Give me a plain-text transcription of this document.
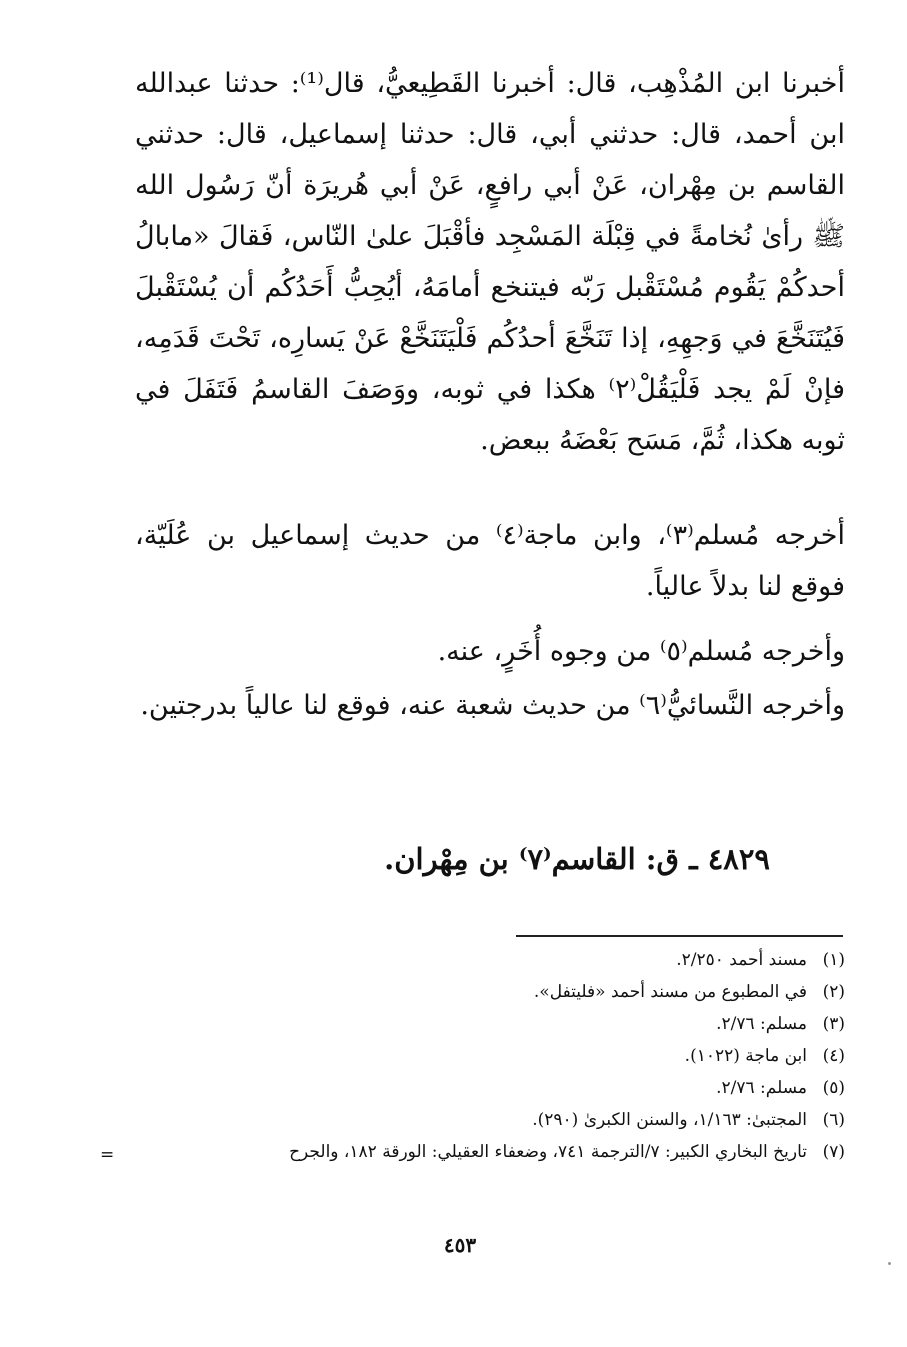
أخبرنا ابن المُذْهِب، قال: أخبرنا القَطِيعيُّ، قال⁽¹⁾: حدثنا عبدالله ابن أحمد، قال: حدثني أبي، قال: حدثنا إسماعيل، قال: حدثني القاسم بن مِهْران، عَنْ أبي رافعٍ، عَنْ أبي هُريرَة أنّ رَسُول الله ﷺ رأىٰ نُخامةً في قِبْلَة المَسْجِد فأقْبَلَ علىٰ النّاس، فَقالَ «مابالُ أحدكُمْ يَقُوم مُسْتَقْبل رَبّه فيتنخع أمامَهُ، أيُحِبُّ أَحَدُكُم أن يُسْتَقْبلَ فَيُتَنَخَّعَ في وَجهِهِ، إذا تَنَخَّعَ أحدُكُم فَلْيَتَنَخَّعْ عَنْ يَسارِه، تَحْتَ قَدَمِه، فإنْ لَمْ يجد فَلْيَقُلْ⁽٢⁾ هكذا في ثوبه، ووَصَفَ القاسمُ فَتَفَلَ في ثوبه هكذا، ثُمَّ، مَسَح بَعْضَهُ ببعض.

أخرجه مُسلم⁽٣⁾، وابن ماجة⁽٤⁾ من حديث إسماعيل بن عُلَيّة، فوقع لنا بدلاً عالياً.

وأخرجه مُسلم⁽٥⁾ من وجوه أُخَرٍ، عنه.

وأخرجه النَّسائيُّ⁽٦⁾ من حديث شعبة عنه، فوقع لنا عالياً بدرجتين.

٤٨٢٩ ـ ق: القاسم⁽٧⁾ بن مِهْران.
(١)
مسند أحمد ٢/٢٥٠.
(٢)
في المطبوع من مسند أحمد «فليتفل».
(٣)
مسلم: ٢/٧٦.
(٤)
ابن ماجة (١٠٢٢).
(٥)
مسلم: ٢/٧٦.
(٦)
المجتبىٰ: ١/١٦٣، والسنن الكبرىٰ (٢٩٠).
(٧)
تاريخ البخاري الكبير: ٧/الترجمة ٧٤١، وضعفاء العقيلي: الورقة ١٨٢، والجرح
=
٤٥٣
